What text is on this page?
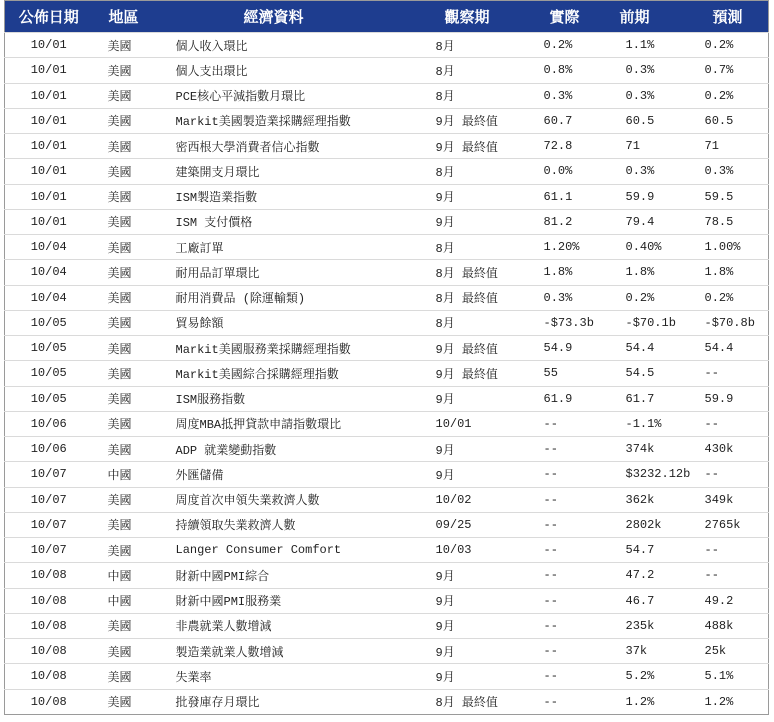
公佈日期	地區	經濟資料	觀察期	實際	前期	預測
10/01	美國	個人收入環比	8月	0.2%	1.1%	0.2%
10/01	美國	個人支出環比	8月	0.8%	0.3%	0.7%
10/01	美國	PCE核心平減指數月環比	8月	0.3%	0.3%	0.2%
10/01	美國	Markit美國製造業採購經理指數	9月 最終值	60.7	60.5	60.5
10/01	美國	密西根大學消費者信心指數	9月 最終值	72.8	71	71
10/01	美國	建築開支月環比	8月	0.0%	0.3%	0.3%
10/01	美國	ISM製造業指數	9月	61.1	59.9	59.5
10/01	美國	ISM 支付價格	9月	81.2	79.4	78.5
10/04	美國	工廠訂單	8月	1.20%	0.40%	1.00%
10/04	美國	耐用品訂單環比	8月 最終值	1.8%	1.8%	1.8%
10/04	美國	耐用消費品 (除運輸類)	8月 最終值	0.3%	0.2%	0.2%
10/05	美國	貿易餘額	8月	-$73.3b	-$70.1b	-$70.8b
10/05	美國	Markit美國服務業採購經理指數	9月 最終值	54.9	54.4	54.4
10/05	美國	Markit美國綜合採購經理指數	9月 最終值	55	54.5	--
10/05	美國	ISM服務指數	9月	61.9	61.7	59.9
10/06	美國	周度MBA抵押貸款申請指數環比	10/01	--	-1.1%	--
10/06	美國	ADP 就業變動指數	9月	--	374k	430k
10/07	中國	外匯儲備	9月	--	$3232.12b	--
10/07	美國	周度首次申領失業救濟人數	10/02	--	362k	349k
10/07	美國	持續領取失業救濟人數	09/25	--	2802k	2765k
10/07	美國	Langer Consumer Comfort	10/03	--	54.7	--
10/08	中國	財新中國PMI綜合	9月	--	47.2	--
10/08	中國	財新中國PMI服務業	9月	--	46.7	49.2
10/08	美國	非農就業人數增減	9月	--	235k	488k
10/08	美國	製造業就業人數增減	9月	--	37k	25k
10/08	美國	失業率	9月	--	5.2%	5.1%
10/08	美國	批發庫存月環比	8月 最終值	--	1.2%	1.2%
